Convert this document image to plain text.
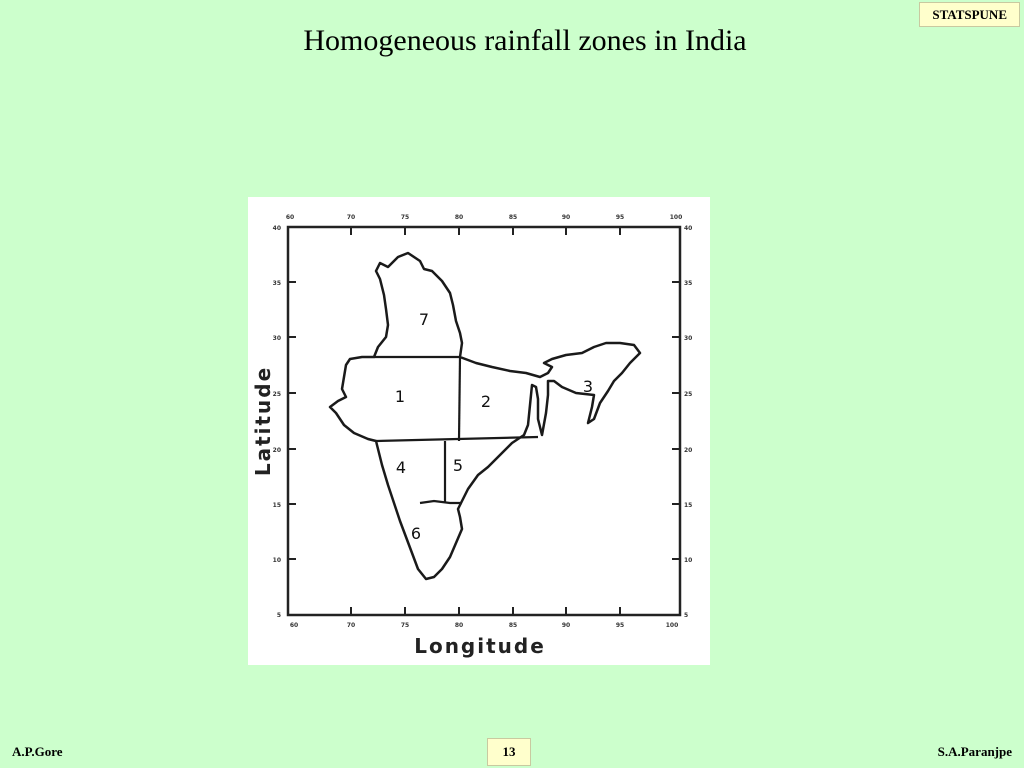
STATSPUNE
Homogeneous rainfall zones in India
60	70	75	80	85	90	95	100
60	70	75	80	85	90	95	100
40
35
30
25
20
15
10
5
40
35
30
25
20
15
10
5
Longitude
Latitude
7
1	2
3
4	5
6
A.P.Gore	13	S.A.Paranjpe
